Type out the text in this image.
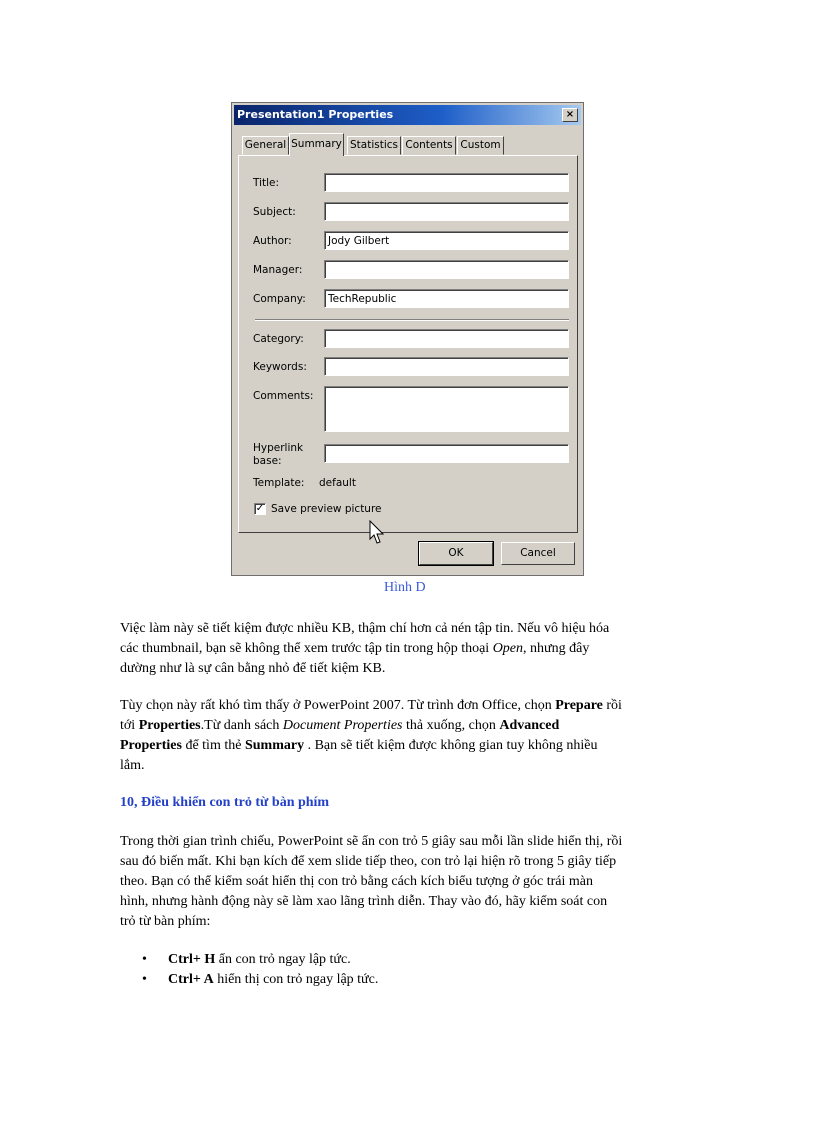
Presentation1 Properties	×
General Summary Statistics Contents Custom
Title:
Subject:
Author:	Jody Gilbert
Manager:
Company:	TechRepublic
Category:
Keywords:
Comments:
Hyperlink
base:
Template: default
✓ Save preview picture
OK	Cancel
Hình D

Việc làm này sẽ tiết kiệm được nhiều KB, thậm chí hơn cả nén tập tin. Nếu vô hiệu hóa
các thumbnail, bạn sẽ không thể xem trước tập tin trong hộp thoại Open, nhưng đây
dường như là sự cân bằng nhỏ để tiết kiệm KB.

Tùy chọn này rất khó tìm thấy ở PowerPoint 2007. Từ trình đơn Office, chọn Prepare rồi
tới Properties.Từ danh sách Document Properties thả xuống, chọn Advanced
Properties để tìm thẻ Summary . Bạn sẽ tiết kiệm được không gian tuy không nhiều
lắm.

10, Điều khiển con trỏ từ bàn phím

Trong thời gian trình chiếu, PowerPoint sẽ ẩn con trỏ 5 giây sau mỗi lần slide hiển thị, rồi
sau đó biến mất. Khi bạn kích để xem slide tiếp theo, con trỏ lại hiện rõ trong 5 giây tiếp
theo. Bạn có thể kiểm soát hiển thị con trỏ bằng cách kích biểu tượng ở góc trái màn
hình, nhưng hành động này sẽ làm xao lãng trình diễn. Thay vào đó, hãy kiểm soát con
trỏ từ bàn phím:

• Ctrl+ H ẩn con trỏ ngay lập tức.
• Ctrl+ A hiển thị con trỏ ngay lập tức.
